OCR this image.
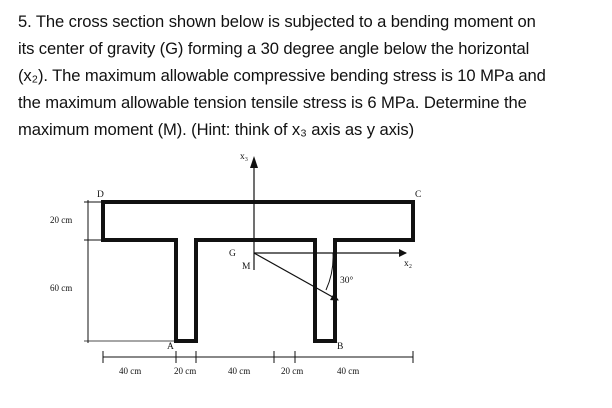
5. The cross section shown below is subjected to a bending moment on
its center of gravity (G) forming a 30 degree angle below the horizontal
(x₂). The maximum allowable compressive bending stress is 10 MPa and
the maximum allowable tension tensile stress is 6 MPa. Determine the
maximum moment (M). (Hint: think of x₃ axis as y axis)
x₃
x₂
M
30°
D	C
G
A	B
20 cm
60 cm
40 cm	20 cm	40 cm	20 cm	40 cm
